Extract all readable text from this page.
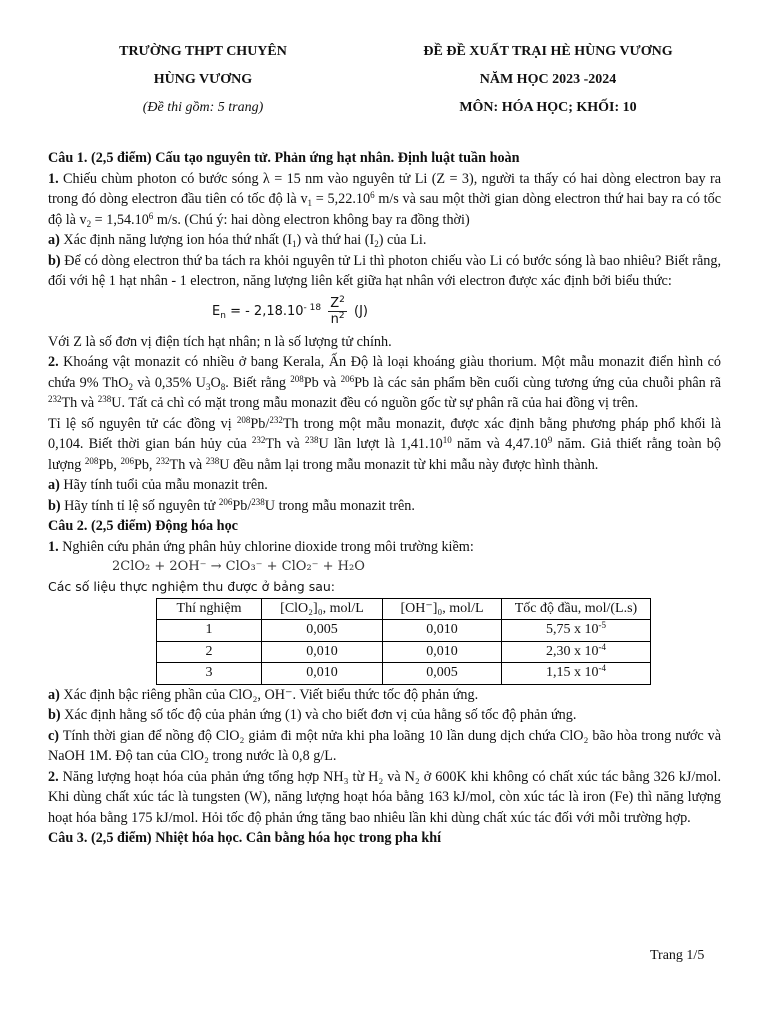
TRƯỜNG THPT CHUYÊN
HÙNG VƯƠNG
(Đề thi gồm: 5 trang)
ĐỀ ĐỀ XUẤT TRẠI HÈ HÙNG VƯƠNG
NĂM HỌC 2023 -2024
MÔN: HÓA HỌC; KHỐI: 10

Câu 1. (2,5 điểm) Cấu tạo nguyên tử. Phản ứng hạt nhân. Định luật tuần hoàn

1. Chiếu chùm photon có bước sóng λ = 15 nm vào nguyên tử Li (Z = 3), người ta thấy có hai dòng electron bay ra trong đó dòng electron đầu tiên có tốc độ là $v_1 = 5,22.10^6$ m/s và sau một thời gian dòng electron thứ hai bay ra có tốc độ là $v_2 = 1,54.10^6$ m/s. (Chú ý: hai dòng electron không bay ra đồng thời)

a) Xác định năng lượng ion hóa thứ nhất $(I_1)$ và thứ hai $(I_2)$ của Li.

b) Để có dòng electron thứ ba tách ra khỏi nguyên tử Li thì photon chiếu vào Li có bước sóng là bao nhiêu? Biết rằng, đối với hệ 1 hạt nhân - 1 electron, năng lượng liên kết giữa hạt nhân với electron được xác định bởi biểu thức:

$E_n$ = - $2,18.10^{- 18} \frac{Z^2}{n^2} (J)$

Với Z là số đơn vị điện tích hạt nhân; n là số lượng tử chính.

2. Khoáng vật monazit có nhiều ở bang Kerala, Ấn Độ là loại khoáng giàu thorium. Một mẫu monazit điển hình có chứa 9% ThO$_2$ và 0,35% $U_3O_8$. Biết rằng $^{208}$Pb và $^{206}$Pb là các sản phẩm bền cuối cùng tương ứng của chuỗi phân rã $^{232}$Th và $^{238}$U. Tất cả chì có mặt trong mẫu monazit đều có nguồn gốc từ sự phân rã của hai đồng vị trên.

Tỉ lệ số nguyên tử các đồng vị $^{208}$Pb/$^{232}$Th trong một mẫu monazit, được xác định bằng phương pháp phổ khối là 0,104. Biết thời gian bán hủy của $^{232}$Th và $^{238}$U lần lượt là 1,41.10$^{10}$ năm và 4,47.10$^9$ năm. Giả thiết rằng toàn bộ lượng $^{208}$Pb, $^{206}$Pb, $^{232}$Th và $^{238}$U đều nằm lại trong mẫu monazit từ khi mẫu này được hình thành.

a) Hãy tính tuổi của mẫu monazit trên.

b) Hãy tính tỉ lệ số nguyên tử $^{206}$Pb/$^{238}$U trong mẫu monazit trên.

Câu 2. (2,5 điểm) Động hóa học

1. Nghiên cứu phản ứng phân hủy chlorine dioxide trong môi trường kiềm:

2ClO₂ + 2OH⁻ → ClO₃⁻ + ClO₂⁻ + H₂O

Các số liệu thực nghiệm thu được ở bảng sau:

Thí nghiệm	[ClO₂]₀, mol/L	[OH⁻]₀, mol/L	Tốc độ đầu, mol/(L.s)
1	0,005	0,010	5,75 x $10^{-5}$
2	0,010	0,010	2,30 x $10^{-4}$
3	0,010	0,005	1,15 x $10^{-4}$

a) Xác định bậc riêng phần của ClO₂, OH⁻. Viết biểu thức tốc độ phản ứng.

b) Xác định hằng số tốc độ của phản ứng (1) và cho biết đơn vị của hằng số tốc độ phản ứng.

c) Tính thời gian để nồng độ ClO₂ giảm đi một nửa khi pha loãng 10 lần dung dịch chứa ClO₂ bão hòa trong nước và NaOH 1M. Độ tan của ClO₂ trong nước là 0,8 g/L.

2. Năng lượng hoạt hóa của phản ứng tổng hợp NH₃ từ H₂ và N₂ ở 600K khi không có chất xúc tác bằng 326 kJ/mol. Khi dùng chất xúc tác là tungsten (W), năng lượng hoạt hóa bằng 163 kJ/mol, còn xúc tác là iron (Fe) thì năng lượng hoạt hóa bằng 175 kJ/mol. Hỏi tốc độ phản ứng tăng bao nhiêu lần khi dùng chất xúc tác đối với mỗi trường hợp.

Câu 3. (2,5 điểm) Nhiệt hóa học. Cân bằng hóa học trong pha khí

Trang 1/5
